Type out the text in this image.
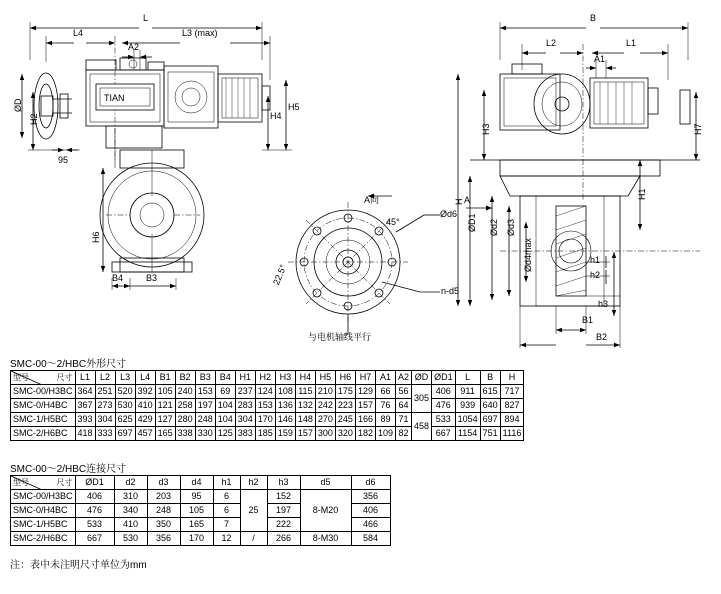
TIAN
L
L4	L3 (max)
A2
ØD
H2
H5
H4
95
H6
B4	B3
A向
Ød6
45°
22.5°
n-d5
与电机轴线平行
B
L2	L1
A1
H3	H7
H1
H A
ØD1 Ød2 Ød3
Ød4max	h1
h2
h3
B1
B2
SMC-00～2/HBC外形尺寸
尺寸
型号	L1	L2	L3	L4	B1	B2	B3	B4	H1	H2	H3	H4	H5	H6	H7	A1	A2	ØD	ØD1	L	B	H
SMC-00/H3BC	364	251	520	392	105	240	153	69	237	124	108	115	210	175	129	66	56	305	406	911	615	717
SMC-0/H4BC	367	273	530	410	121	258	197	104	283	153	136	132	242	223	157	76	64		476	939	640	827
SMC-1/H5BC	393	304	625	429	127	280	248	104	304	170	146	148	270	245	166	89	71	458	533	1054	697	894
SMC-2/H6BC	418	333	697	457	165	338	330	125	383	185	159	157	300	320	182	109	82		667	1154	751	1116
SMC-00～2/HBC连接尺寸
尺寸
型号	ØD1	d2	d3	d4	h1	h2	h3	d5	d6
SMC-00/H3BC	406	310	203	95	6	25	152	8-M20	356
SMC-0/H4BC	476	340	248	105	6		197		406
SMC-1/H5BC	533	410	350	165	7		222		466
SMC-2/H6BC	667	530	356	170	12	/	266	8-M30	584
注：表中未注明尺寸单位为mm
